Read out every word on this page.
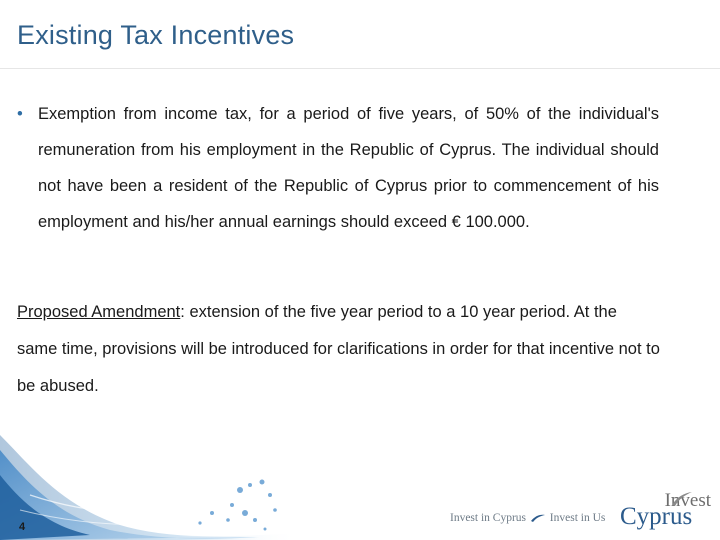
Existing Tax Incentives
• Exemption from income tax, for a period of five years, of 50% of the individual's remuneration from his employment in the Republic of Cyprus. The individual should not have been a resident of the Republic of Cyprus prior to commencement of his employment and his/her annual earnings should exceed € 100.000.
Proposed Amendment: extension of the five year period to a 10 year period. At the same time, provisions will be introduced for clarifications in order for that incentive not to be abused.
4
Invest in Cyprus Invest in Us
Invest
Cyprus
